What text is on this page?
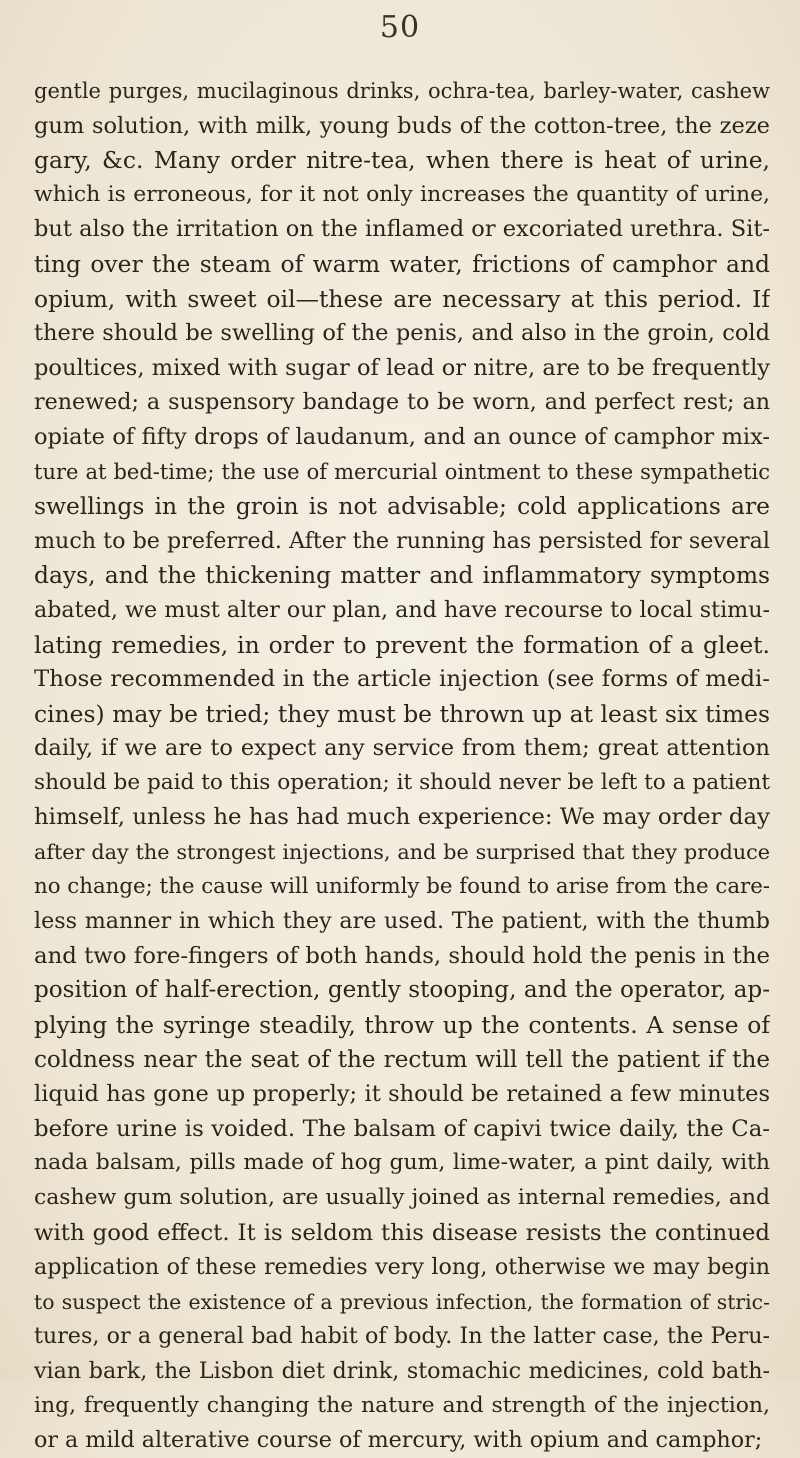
50
gentle purges, mucilaginous drinks, ochra-tea, barley-water, cashew
gum solution, with milk, young buds of the cotton-tree, the zeze
gary, &c. Many order nitre-tea, when there is heat of urine,
which is erroneous, for it not only increases the quantity of urine,
but also the irritation on the inflamed or excoriated urethra. Sit-
ting over the steam of warm water, frictions of camphor and
opium, with sweet oil—these are necessary at this period. If
there should be swelling of the penis, and also in the groin, cold
poultices, mixed with sugar of lead or nitre, are to be frequently
renewed; a suspensory bandage to be worn, and perfect rest; an
opiate of fifty drops of laudanum, and an ounce of camphor mix-
ture at bed-time; the use of mercurial ointment to these sympathetic
swellings in the groin is not advisable; cold applications are
much to be preferred. After the running has persisted for several
days, and the thickening matter and inflammatory symptoms
abated, we must alter our plan, and have recourse to local stimu-
lating remedies, in order to prevent the formation of a gleet.
Those recommended in the article injection (see forms of medi-
cines) may be tried; they must be thrown up at least six times
daily, if we are to expect any service from them; great attention
should be paid to this operation; it should never be left to a patient
himself, unless he has had much experience: We may order day
after day the strongest injections, and be surprised that they produce
no change; the cause will uniformly be found to arise from the care-
less manner in which they are used. The patient, with the thumb
and two fore-fingers of both hands, should hold the penis in the
position of half-erection, gently stooping, and the operator, ap-
plying the syringe steadily, throw up the contents. A sense of
coldness near the seat of the rectum will tell the patient if the
liquid has gone up properly; it should be retained a few minutes
before urine is voided. The balsam of capivi twice daily, the Ca-
nada balsam, pills made of hog gum, lime-water, a pint daily, with
cashew gum solution, are usually joined as internal remedies, and
with good effect. It is seldom this disease resists the continued
application of these remedies very long, otherwise we may begin
to suspect the existence of a previous infection, the formation of stric-
tures, or a general bad habit of body. In the latter case, the Peru-
vian bark, the Lisbon diet drink, stomachic medicines, cold bath-
ing, frequently changing the nature and strength of the injection,
or a mild alterative course of mercury, with opium and camphor;
